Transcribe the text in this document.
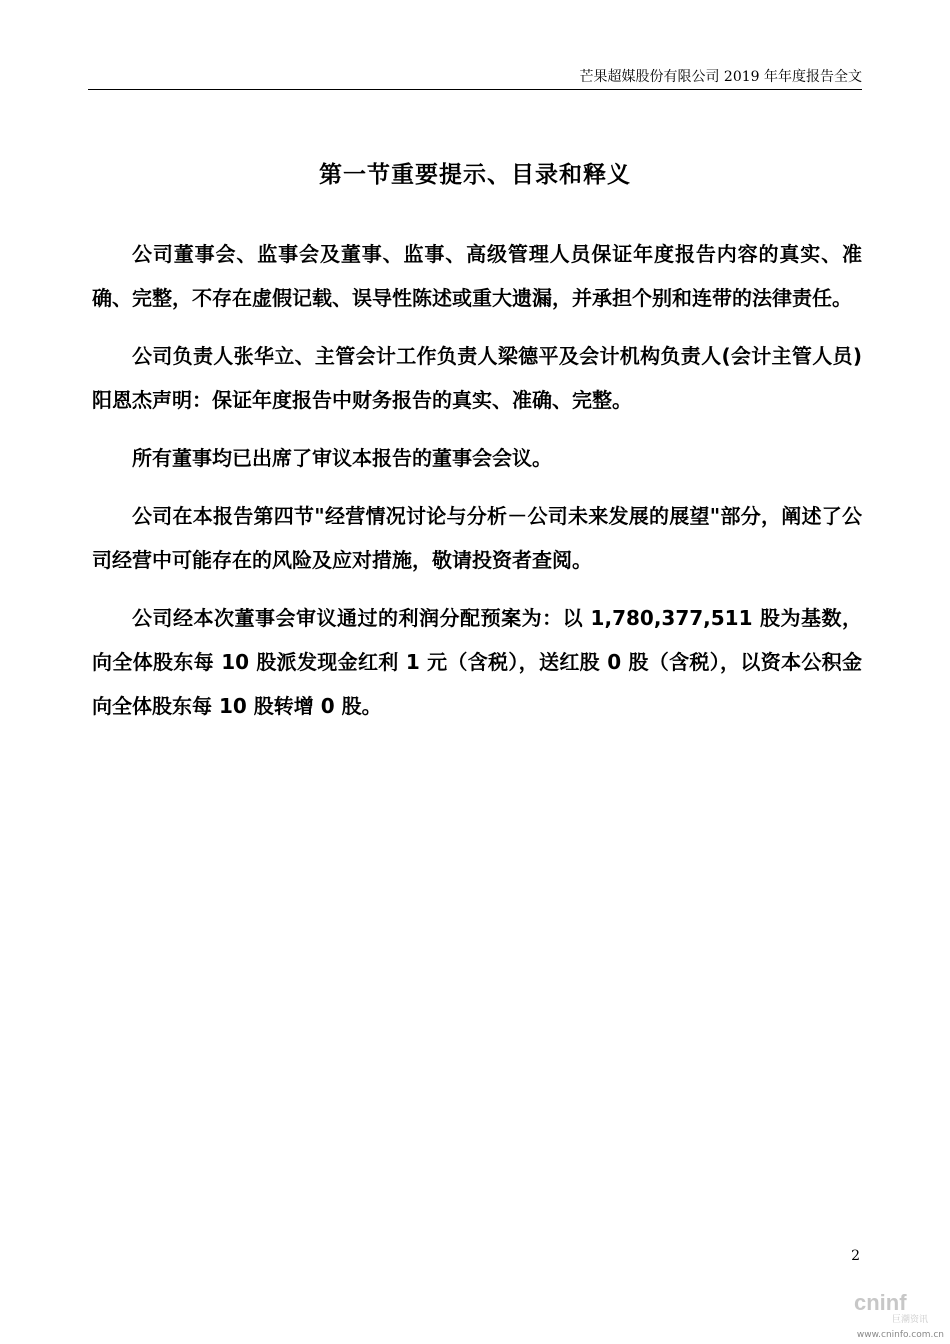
芒果超媒股份有限公司 2019 年年度报告全文
第一节重要提示、目录和释义

公司董事会、监事会及董事、监事、高级管理人员保证年度报告内容的真实、准确、完整，不存在虚假记载、误导性陈述或重大遗漏，并承担个别和连带的法律责任。

公司负责人张华立、主管会计工作负责人梁德平及会计机构负责人(会计主管人员)阳恩杰声明：保证年度报告中财务报告的真实、准确、完整。

所有董事均已出席了审议本报告的董事会会议。

公司在本报告第四节"经营情况讨论与分析－公司未来发展的展望"部分，阐述了公司经营中可能存在的风险及应对措施，敬请投资者查阅。

公司经本次董事会审议通过的利润分配预案为：以 1,780,377,511 股为基数，向全体股东每 10 股派发现金红利 1 元（含税），送红股 0 股（含税），以资本公积金向全体股东每 10 股转增 0 股。

2
cninf
巨潮资讯
www.cninfo.com.cn
